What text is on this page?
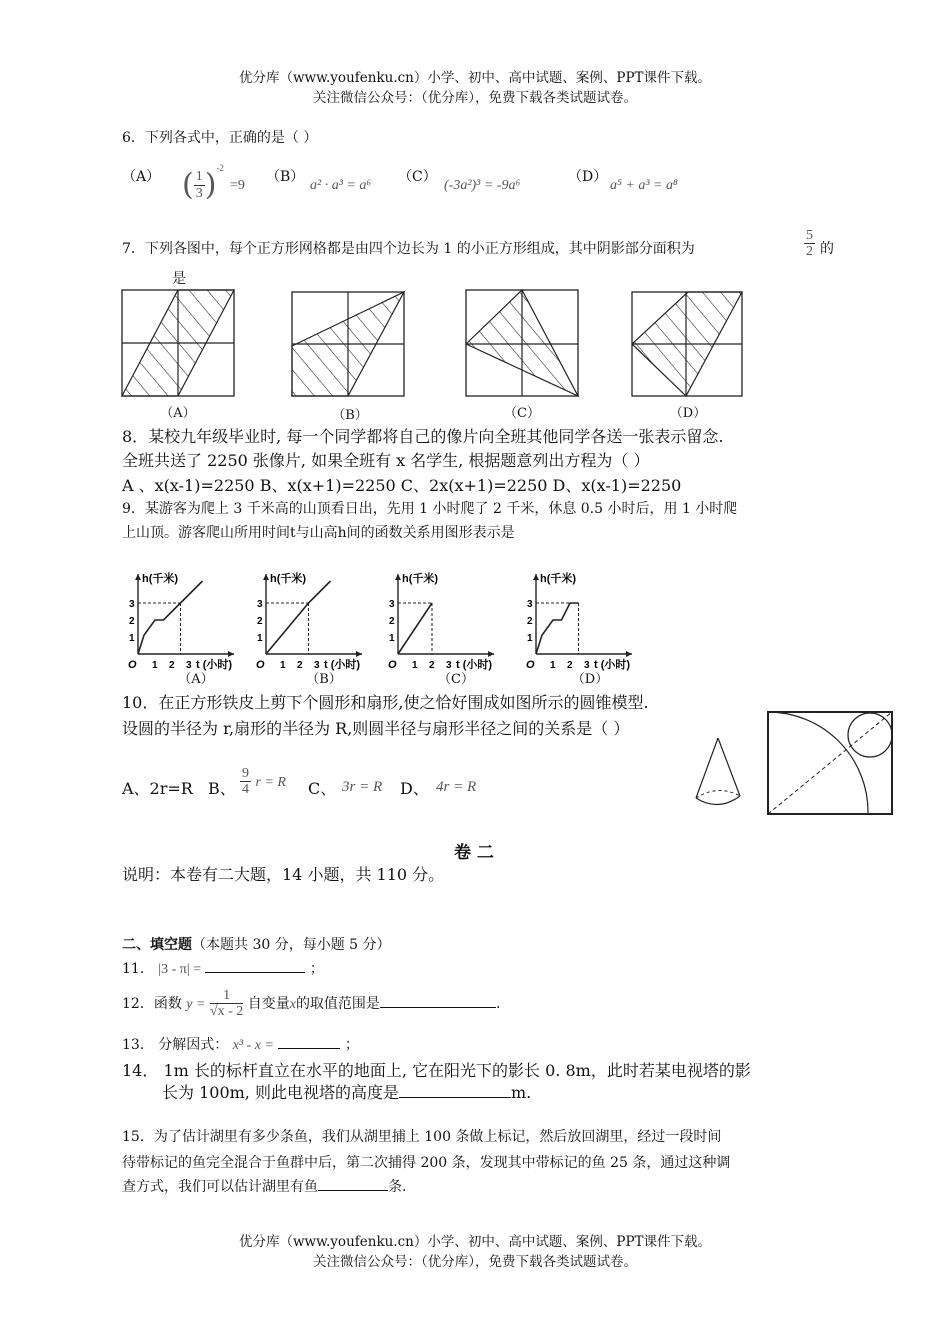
优分库（www.youfenku.cn）小学、初中、高中试题、案例、PPT课件下载。
关注微信公众号：（优分库），免费下载各类试题试卷。
6．下列各式中，正确的是（ ）
（A） ( $\frac{1}{3} )^{-2}=9$
（B）
a² · a³ = a⁶
（C）
(-3a²)³ = -9a⁶
（D）
a⁵ + a³ = a⁸
7．下列各图中，每个正方形网格都是由四个边长为 1 的小正方形组成，其中阴影部分面积为	$\frac{5}{2}$ 的
是
（A）	（B）	（C）	（D）
8．某校九年级毕业时, 每一个同学都将自己的像片向全班其他同学各送一张表示留念.
全班共送了 2250 张像片, 如果全班有 x 名学生, 根据题意列出方程为（ ）
A 、x(x-1)=2250 B、x(x+1)=2250 C、2x(x+1)=2250 D、x(x-1)=2250
9．某游客为爬上 3 千米高的山顶看日出，先用 1 小时爬了 2 千米，休息 0.5 小时后，用 1 小时爬
上山顶。游客爬山所用时间t与山高h间的函数关系用图形表示是
h(千米)
t (小时)
O 1 2 3
1
2
3
h(千米)
t (小时)
O 1 2 3
1
2
3
h(千米)
t (小时)
O 1 2 3
1
2
3
h(千米)
t (小时)
O 1 2 3
1
2
3
（A）	（B）	（C）	（D）
10．在正方形铁皮上剪下个圆形和扇形,使之恰好围成如图所示的圆锥模型.
设圆的半径为 r,扇形的半径为 R,则圆半径与扇形半径之间的关系是（ ）
A、2r=R B、 $\frac{9}{4}$ r = R C、 3r = R D、 4r = R
卷 二
说明：本卷有二大题，14 小题，共 110 分。
二、填空题（本题共 30 分，每小题 5 分）
11． |3 - π| =	；
12．函数 $y = \frac{1}{√x - 2}$ 自变量x的取值范围是	.
13． 分解因式： x³ - x =	；
14． 1m 长的标杆直立在水平的地面上, 它在阳光下的影长 0. 8m，此时若某电视塔的影
长为 100m, 则此电视塔的高度是	m.
15．为了估计湖里有多少条鱼，我们从湖里捕上 100 条做上标记，然后放回湖里，经过一段时间
待带标记的鱼完全混合于鱼群中后，第二次捕得 200 条，发现其中带标记的鱼 25 条，通过这种调
查方式，我们可以估计湖里有鱼	条.
优分库（www.youfenku.cn）小学、初中、高中试题、案例、PPT课件下载。
关注微信公众号：（优分库），免费下载各类试题试卷。
